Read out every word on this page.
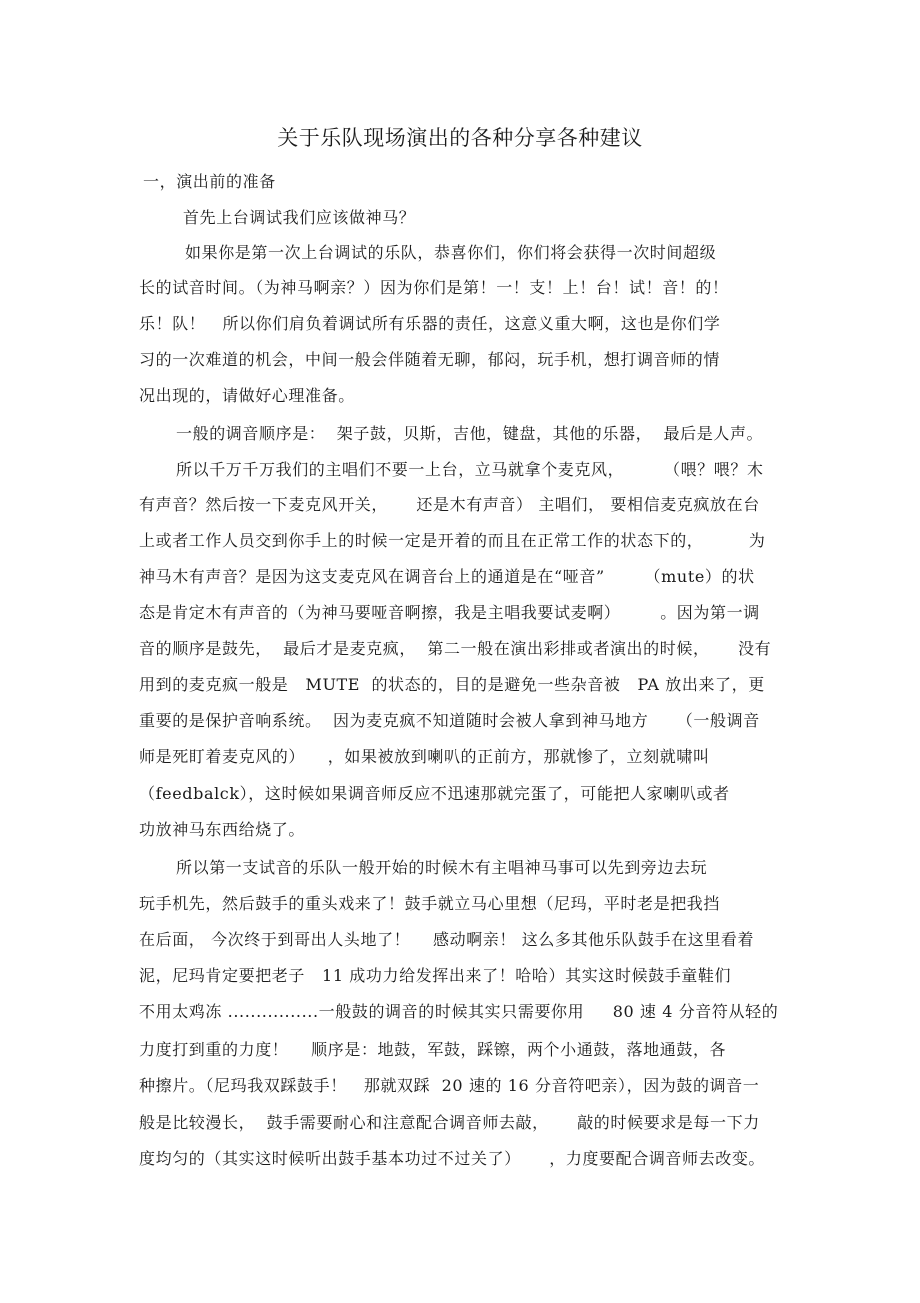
关于乐队现场演出的各种分享各种建议
一，演出前的准备
首先上台调试我们应该做神马？
如果你是第一次上台调试的乐队，恭喜你们，你们将会获得一次时间超级
长的试音时间。（为神马啊亲？）因为你们是第！一！支！上！台！试！音！的！
乐！队！   所以你们肩负着调试所有乐器的责任，这意义重大啊，这也是你们学
习的一次难道的机会，中间一般会伴随着无聊，郁闷，玩手机，想打调音师的情
况出现的，请做好心理准备。
一般的调音顺序是：  架子鼓，贝斯，吉他，键盘，其他的乐器，  最后是人声。
所以千万千万我们的主唱们不要一上台，立马就拿个麦克风，       （喂？喂？木
有声音？然后按一下麦克风开关，     还是木有声音） 主唱们， 要相信麦克疯放在台
上或者工作人员交到你手上的时候一定是开着的而且在正常工作的状态下的，        为
神马木有声音？是因为这支麦克风在调音台上的通道是在“哑音”       （mute）的状
态是肯定木有声音的（为神马要哑音啊擦，我是主唱我要试麦啊）       。因为第一调
音的顺序是鼓先，  最后才是麦克疯，  第二一般在演出彩排或者演出的时候，     没有
用到的麦克疯一般是   MUTE  的状态的，目的是避免一些杂音被   PA 放出来了，更
重要的是保护音响系统。  因为麦克疯不知道随时会被人拿到神马地方     （一般调音
师是死盯着麦克风的）    ，如果被放到喇叭的正前方，那就惨了，立刻就啸叫
（feedbalck），这时候如果调音师反应不迅速那就完蛋了，可能把人家喇叭或者
功放神马东西给烧了。
所以第一支试音的乐队一般开始的时候木有主唱神马事可以先到旁边去玩
玩手机先，然后鼓手的重头戏来了！鼓手就立马心里想（尼玛，平时老是把我挡
在后面， 今次终于到哥出人头地了！    感动啊亲！ 这么多其他乐队鼓手在这里看着
泥，尼玛肯定要把老子   11 成功力给发挥出来了！哈哈）其实这时候鼓手童鞋们
不用太鸡冻 ................一般鼓的调音的时候其实只需要你用     80 速 4 分音符从轻的
力度打到重的力度！    顺序是：地鼓，军鼓，踩镲，两个小通鼓，落地通鼓，各
种擦片。（尼玛我双踩鼓手！   那就双踩  20 速的 16 分音符吧亲），因为鼓的调音一
般是比较漫长，  鼓手需要耐心和注意配合调音师去敲，     敲的时候要求是每一下力
度均匀的（其实这时候听出鼓手基本功过不过关了）     ，力度要配合调音师去改变。
